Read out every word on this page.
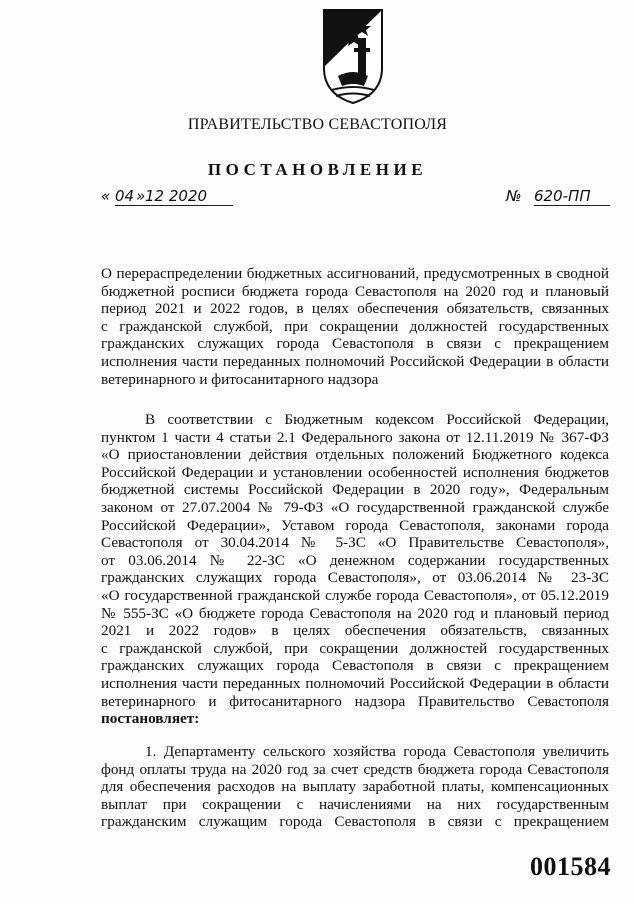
ПРАВИТЕЛЬСТВО СЕВАСТОПОЛЯ
ПОСТАНОВЛЕНИЕ
« 04 » 12 2020	№ 620-ПП
О перераспределении бюджетных ассигнований, предусмотренных в сводной
бюджетной росписи бюджета города Севастополя на 2020 год и плановый
период 2021 и 2022 годов, в целях обеспечения обязательств, связанных
с гражданской службой, при сокращении должностей государственных
гражданских служащих города Севастополя в связи с прекращением
исполнения части переданных полномочий Российской Федерации в области
ветеринарного и фитосанитарного надзора
В соответствии с Бюджетным кодексом Российской Федерации,
пунктом 1 части 4 статьи 2.1 Федерального закона от 12.11.2019 № 367-ФЗ
«О приостановлении действия отдельных положений Бюджетного кодекса
Российской Федерации и установлении особенностей исполнения бюджетов
бюджетной системы Российской Федерации в 2020 году», Федеральным
законом от 27.07.2004 № 79-ФЗ «О государственной гражданской службе
Российской Федерации», Уставом города Севастополя, законами города
Севастополя от 30.04.2014 № 5-ЗС «О Правительстве Севастополя»,
от 03.06.2014 № 22-ЗС «О денежном содержании государственных
гражданских служащих города Севастополя», от 03.06.2014 № 23-ЗС
«О государственной гражданской службе города Севастополя», от 05.12.2019
№ 555-ЗС «О бюджете города Севастополя на 2020 год и плановый период
2021 и 2022 годов» в целях обеспечения обязательств, связанных
с гражданской службой, при сокращении должностей государственных
гражданских служащих города Севастополя в связи с прекращением
исполнения части переданных полномочий Российской Федерации в области
ветеринарного и фитосанитарного надзора Правительство Севастополя
постановляет:
1. Департаменту сельского хозяйства города Севастополя увеличить
фонд оплаты труда на 2020 год за счет средств бюджета города Севастополя
для обеспечения расходов на выплату заработной платы, компенсационных
выплат при сокращении с начислениями на них государственным
гражданским служащим города Севастополя в связи с прекращением
001584
